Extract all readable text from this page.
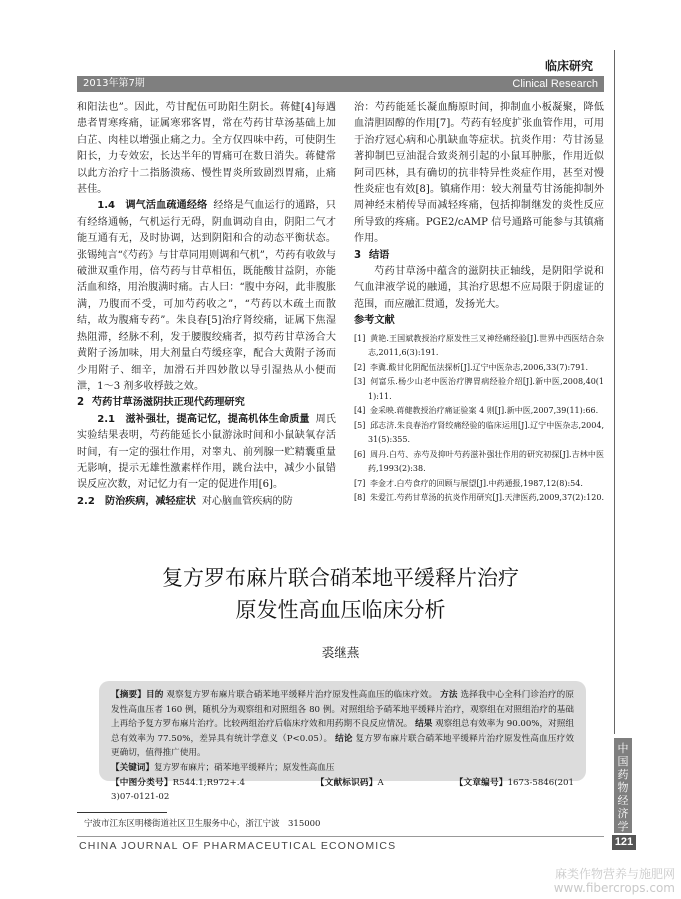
临床研究
2013年第7期	Clinical Research

和阳法也”。因此，芍甘配伍可助阳生阴长。蒋健[4]每遇患者胃寒疼痛，证属寒邪客胃，常在芍药甘草汤基础上加白芷、肉桂以增强止痛之力。全方仅四味中药，可使阴生阳长，力专效宏，长达半年的胃痛可在数日消失。蒋健常以此方治疗十二指肠溃疡、慢性胃炎所致剧烈胃痛，止痛甚佳。

1.4　调气活血疏通经络 经络是气血运行的通路，只有经络通畅，气机运行无碍，阴血调动自由，阴阳二气才能互通有无，及时协调，达到阴阳和合的动态平衡状态。张锡纯言“《芍药》与甘草同用则调和气机”，芍药有收敛与破泄双重作用，倍芍药与甘草相伍，既能酸甘益阴，亦能活血和络，用治腹满时痛。古人曰：“腹中夯闷，此非腹胀满，乃腹而不受，可加芍药收之”，“芍药以木疏土而散结，故为腹痛专药”。朱良春[5]治疗肾绞痛，证属下焦湿热阻滞，经脉不利，发于腰腹绞痛者，拟芍药甘草汤合大黄附子汤加味，用大剂量白芍缓痉挛，配合大黄附子汤而少用附子、细辛，加滑石并四妙散以导引湿热从小便而泄，1～3 剂多收桴鼓之效。

2 芍药甘草汤滋阴扶正现代药理研究

2.1　滋补强壮，提高记忆，提高机体生命质量 周氏实验结果表明，芍药能延长小鼠游泳时间和小鼠缺氧存活时间，有一定的强壮作用，对睾丸、前列腺一贮精囊重量无影响，提示无雄性激素样作用，跳台法中，减少小鼠错误反应次数，对记忆力有一定的促进作用[6]。

2.2　防治疾病，减轻症状 对心脑血管疾病的防

治：芍药能延长凝血酶原时间，抑制血小板凝聚，降低血清胆固醇的作用[7]。芍药有轻度扩张血管作用，可用于治疗冠心病和心肌缺血等症状。抗炎作用：芍甘汤显著抑制巴豆油混合致炎剂引起的小鼠耳肿胀，作用近似阿司匹林，具有确切的抗非特异性炎症作用，甚至对慢性炎症也有效[8]。镇痛作用：较大剂量芍甘汤能抑制外周神经末梢传导而减轻疼痛，包括抑制继发的炎性反应所导致的疼痛。PGE2/cAMP 信号通路可能参与其镇痛作用。

3 结语

芍药甘草汤中蕴含的滋阴扶正轴线，是阴阳学说和气血津液学说的融通，其治疗思想不应局限于阴虚证的范围，而应融汇贯通，发扬光大。

参考文献
[1] 黄艳.王国斌教授治疗原发性三叉神经痛经验[J].世界中西医结合杂志,2011,6(3):191.
[2] 李冀.酸甘化阴配伍法探析[J].辽宁中医杂志,2006,33(7):791.
[3] 何富乐.杨少山老中医治疗脾胃病经验介绍[J].新中医,2008,40(11):11.
[4] 金采映.蒋健教授治疗痛证验案 4 则[J].新中医,2007,39(11):66.
[5] 邱志济.朱良春治疗肾绞痛经验的临床运用[J].辽宁中医杂志,2004,31(5):355.
[6] 周丹.白芍、赤芍及抑叶芍药滋补强壮作用的研究初探[J].吉林中医药,1993(2):38.
[7] 李金才.白芍食疗的回顾与展望[J].中药通报,1987,12(8):54.
[8] 朱爱江.芍药甘草汤的抗炎作用研究[J].天津医药,2009,37(2):120.
复方罗布麻片联合硝苯地平缓释片治疗
原发性高血压临床分析
裘继燕
【摘要】目的 观察复方罗布麻片联合硝苯地平缓释片治疗原发性高血压的临床疗效。 方法 选择我中心全科门诊治疗的原发性高血压者 160 例，随机分为观察组和对照组各 80 例。对照组给予硝苯地平缓释片治疗，观察组在对照组治疗的基础上再给予复方罗布麻片治疗。比较两组治疗后临床疗效和用药期不良反应情况。 结果 观察组总有效率为 90.00%，对照组总有效率为 77.50%，差异具有统计学意义（P<0.05）。 结论 复方罗布麻片联合硝苯地平缓释片治疗原发性高血压疗效更确切，值得推广使用。
【关键词】复方罗布麻片；硝苯地平缓释片；原发性高血压
【中图分类号】R544.1;R972+.4	【文献标识码】A	【文章编号】1673-5846(2013)07-0121-02
宁波市江东区明楼街道社区卫生服务中心，浙江宁波　315000
CHINA JOURNAL OF PHARMACEUTICAL ECONOMICS
中国药物经济学
121
麻类作物营养与施肥网
www.fibercrops.com
